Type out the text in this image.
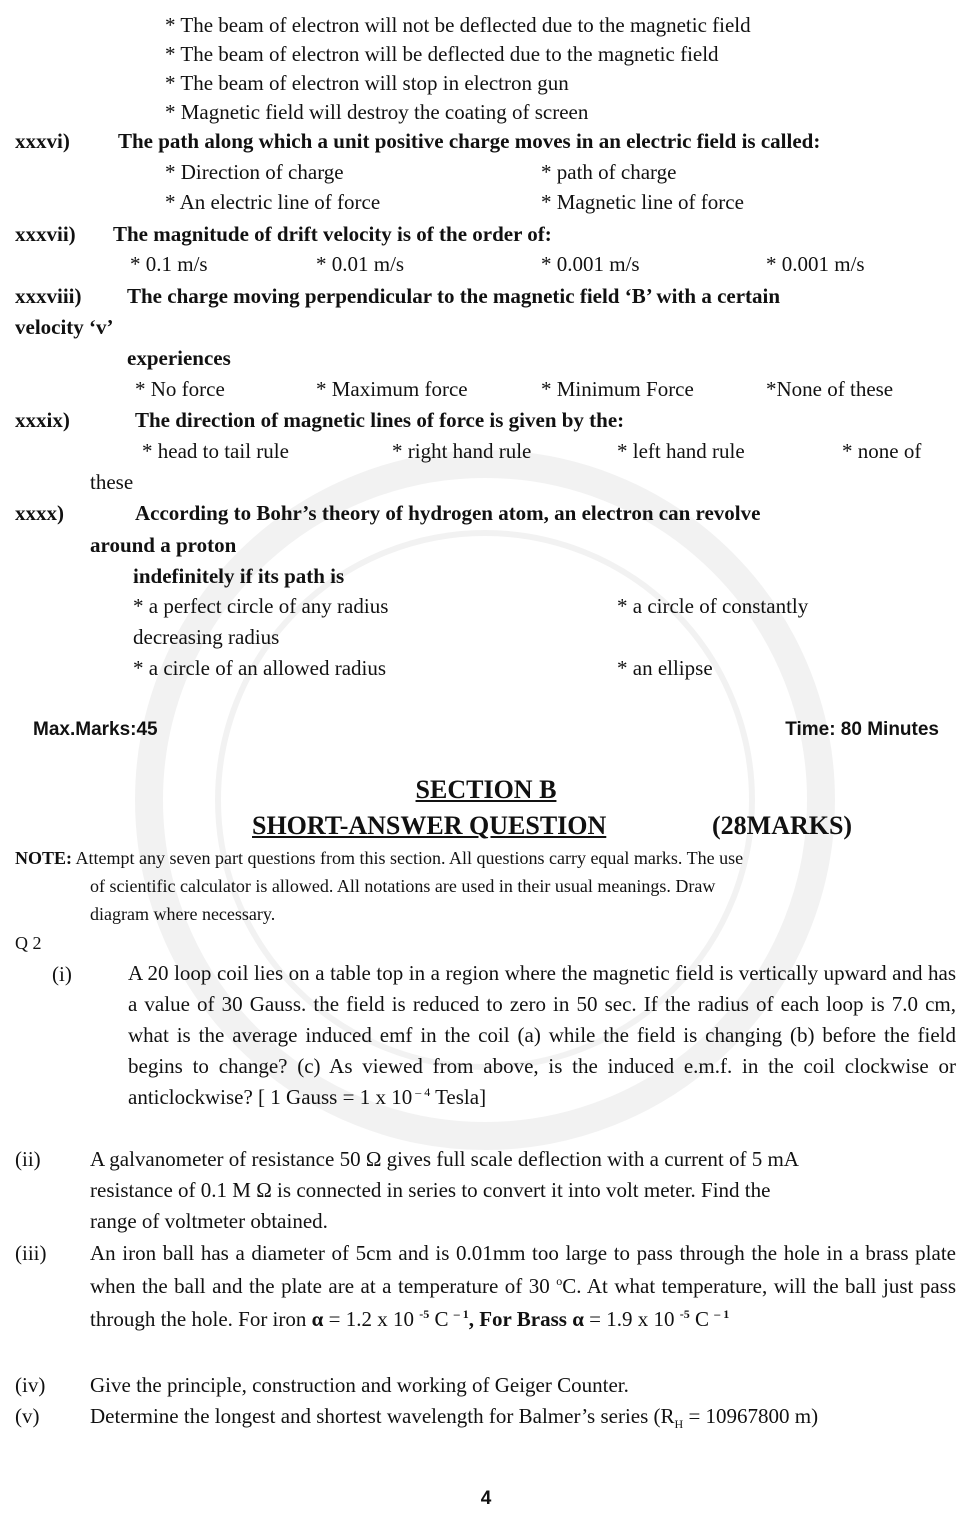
* The beam of electron will not be deflected due to the magnetic field
* The beam of electron will be deflected due to the magnetic field
* The beam of electron will stop in electron gun
* Magnetic field will destroy the coating of screen
xxxvi) The path along which a unit positive charge moves in an electric field is called:
* Direction of charge	* path of charge
* An electric line of force	* Magnetic line of force
xxxvii) The magnitude of drift velocity is of the order of:
* 0.1 m/s	* 0.01 m/s	* 0.001 m/s	* 0.001 m/s
xxxviii) The charge moving perpendicular to the magnetic field ‘B’ with a certain
velocity ‘v’
experiences
* No force	* Maximum force	* Minimum Force	*None of these
xxxix)	The direction of magnetic lines of force is given by the:
* head to tail rule	* right hand rule	* left hand rule	* none of
these
xxxx)	According to Bohr’s theory of hydrogen atom, an electron can revolve
around a proton
indefinitely if its path is
* a perfect circle of any radius	* a circle of constantly
decreasing radius
* a circle of an allowed radius	* an ellipse
Max.Marks:45	Time: 80 Minutes
SECTION B
SHORT-ANSWER QUESTION	(28MARKS)
NOTE: Attempt any seven part questions from this section. All questions carry equal marks. The use
of scientific calculator is allowed. All notations are used in their usual meanings. Draw
diagram where necessary.
Q 2
(i)	A 20 loop coil lies on a table top in a region where the magnetic field is vertically upward and has a value of 30 Gauss. the field is reduced to zero in 50 sec. If the radius of each loop is 7.0 cm, what is the average induced emf in the coil (a) while the field is changing (b) before the field begins to change? (c) As viewed from above, is the induced e.m.f. in the coil clockwise or anticlockwise? [ 1 Gauss = 1 x 10 $^{- 4}$ Tesla]
(ii) A galvanometer of resistance 50 Ω gives full scale deflection with a current of 5 mA
resistance of 0.1 M Ω is connected in series to convert it into volt meter. Find the
range of voltmeter obtained.
(iii) An iron ball has a diameter of 5cm and is 0.01mm too large to pass through the hole in a brass plate when the ball and the plate are at a temperature of 30 $^o$C. At what temperature, will the ball just pass through the hole. For iron α = 1.2 x 10 $^{-5}$ C $^{- 1}$, For Brass α = 1.9 x 10 $^{-5}$ C $^{- 1}$
(iv) Give the principle, construction and working of Geiger Counter.
(v) Determine the longest and shortest wavelength for Balmer’s series ($R_H = 10967800$ m)
4
